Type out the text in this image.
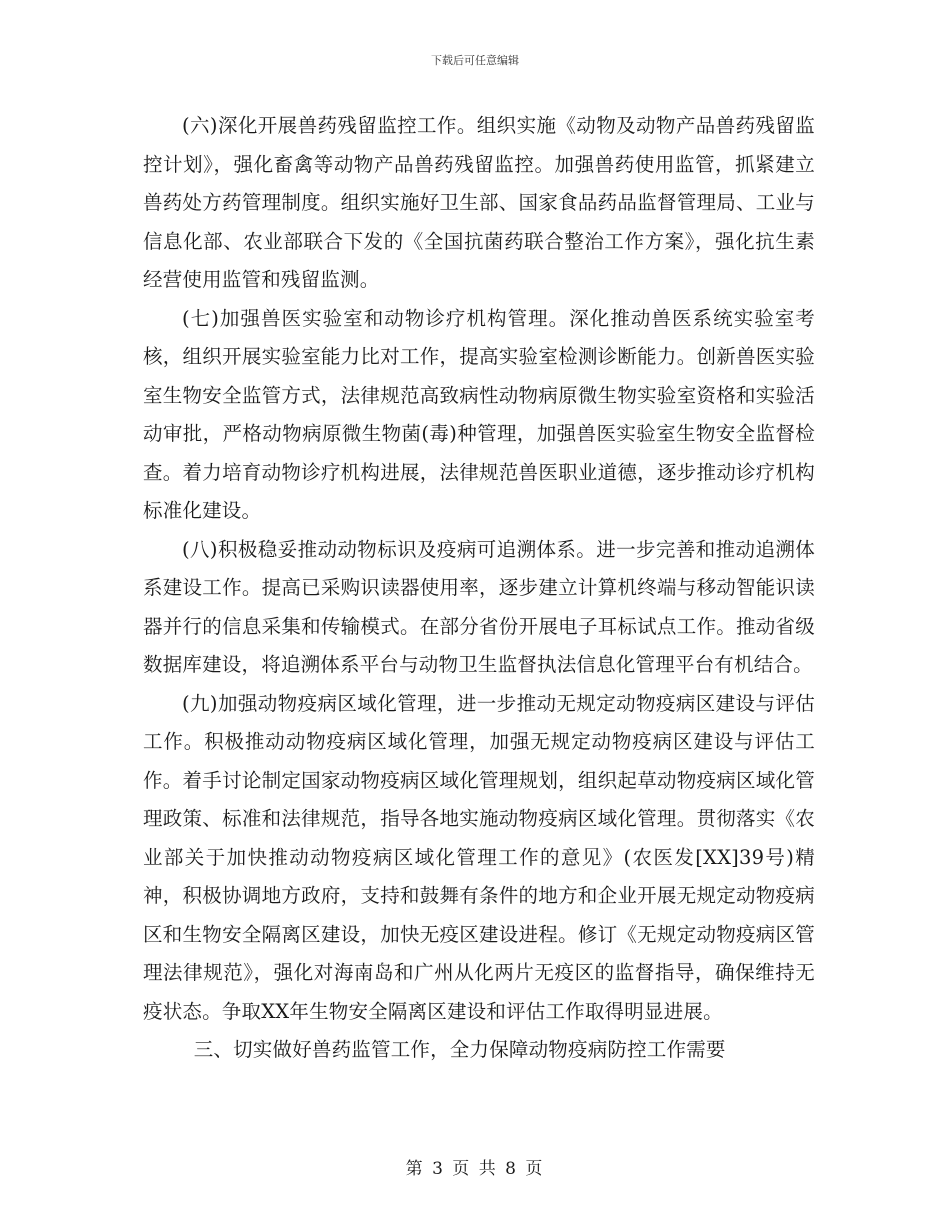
下载后可任意编辑

(六)深化开展兽药残留监控工作。组织实施《动物及动物产品兽药残留监控计划》，强化畜禽等动物产品兽药残留监控。加强兽药使用监管，抓紧建立兽药处方药管理制度。组织实施好卫生部、国家食品药品监督管理局、工业与信息化部、农业部联合下发的《全国抗菌药联合整治工作方案》，强化抗生素经营使用监管和残留监测。

(七)加强兽医实验室和动物诊疗机构管理。深化推动兽医系统实验室考核，组织开展实验室能力比对工作，提高实验室检测诊断能力。创新兽医实验室生物安全监管方式，法律规范高致病性动物病原微生物实验室资格和实验活动审批，严格动物病原微生物菌(毒)种管理，加强兽医实验室生物安全监督检查。着力培育动物诊疗机构进展，法律规范兽医职业道德，逐步推动诊疗机构标准化建设。

(八)积极稳妥推动动物标识及疫病可追溯体系。进一步完善和推动追溯体系建设工作。提高已采购识读器使用率，逐步建立计算机终端与移动智能识读器并行的信息采集和传输模式。在部分省份开展电子耳标试点工作。推动省级数据库建设，将追溯体系平台与动物卫生监督执法信息化管理平台有机结合。

(九)加强动物疫病区域化管理，进一步推动无规定动物疫病区建设与评估工作。积极推动动物疫病区域化管理，加强无规定动物疫病区建设与评估工作。着手讨论制定国家动物疫病区域化管理规划，组织起草动物疫病区域化管理政策、标准和法律规范，指导各地实施动物疫病区域化管理。贯彻落实《农业部关于加快推动动物疫病区域化管理工作的意见》(农医发[XX]39号)精神，积极协调地方政府，支持和鼓舞有条件的地方和企业开展无规定动物疫病区和生物安全隔离区建设，加快无疫区建设进程。修订《无规定动物疫病区管理法律规范》，强化对海南岛和广州从化两片无疫区的监督指导，确保维持无疫状态。争取XX年生物安全隔离区建设和评估工作取得明显进展。

三、切实做好兽药监管工作，全力保障动物疫病防控工作需要

第 3 页 共 8 页
